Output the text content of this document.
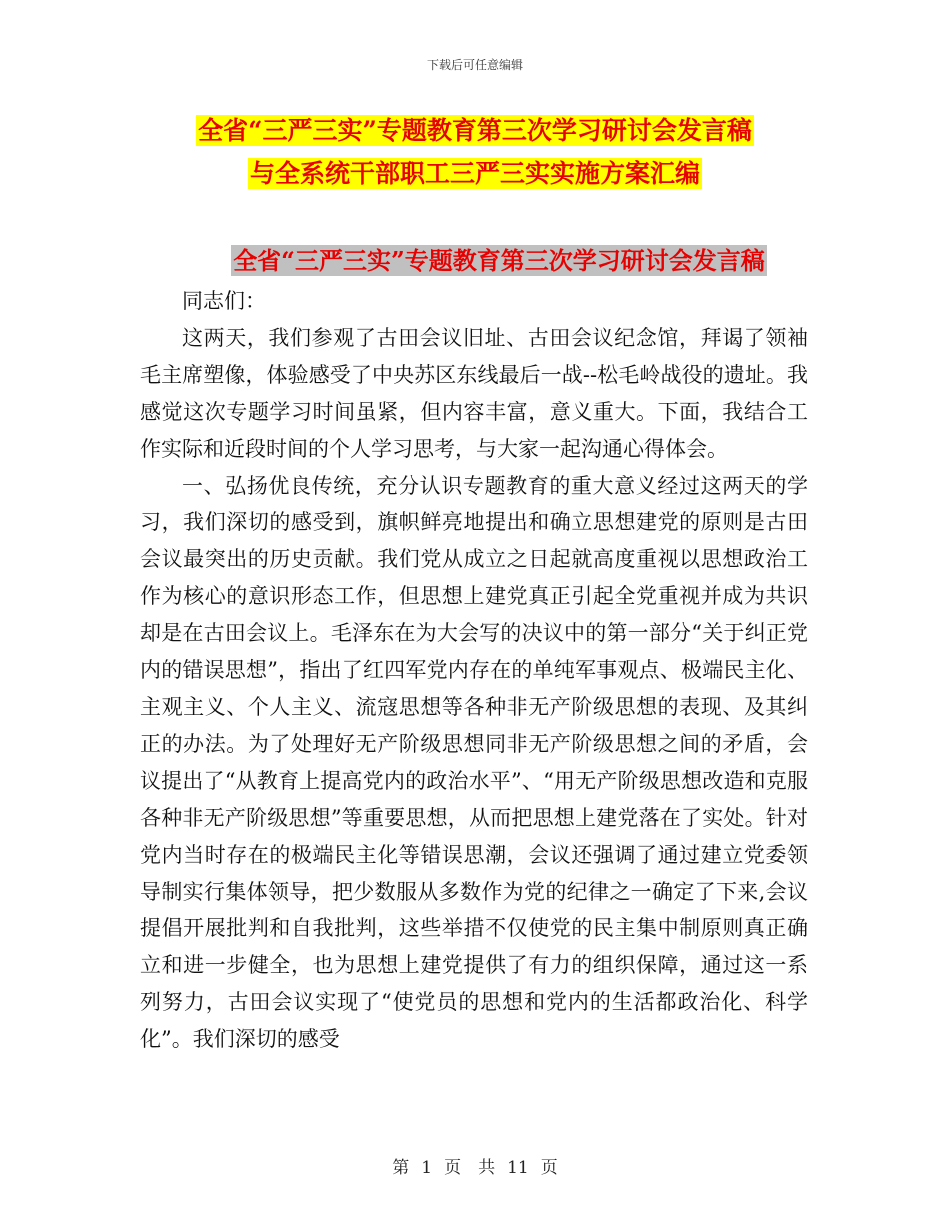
下载后可任意编辑
全省“三严三实”专题教育第三次学习研讨会发言稿
与全系统干部职工三严三实实施方案汇编
全省“三严三实”专题教育第三次学习研讨会发言稿

同志们：

这两天，我们参观了古田会议旧址、古田会议纪念馆，拜谒了领袖毛主席塑像，体验感受了中央苏区东线最后一战--松毛岭战役的遗址。我感觉这次专题学习时间虽紧，但内容丰富，意义重大。下面，我结合工作实际和近段时间的个人学习思考，与大家一起沟通心得体会。

一、弘扬优良传统，充分认识专题教育的重大意义经过这两天的学习，我们深切的感受到，旗帜鲜亮地提出和确立思想建党的原则是古田会议最突出的历史贡献。我们党从成立之日起就高度重视以思想政治工作为核心的意识形态工作，但思想上建党真正引起全党重视并成为共识却是在古田会议上。毛泽东在为大会写的决议中的第一部分“关于纠正党内的错误思想”，指出了红四军党内存在的单纯军事观点、极端民主化、主观主义、个人主义、流寇思想等各种非无产阶级思想的表现、及其纠正的办法。为了处理好无产阶级思想同非无产阶级思想之间的矛盾，会议提出了“从教育上提高党内的政治水平”、“用无产阶级思想改造和克服各种非无产阶级思想”等重要思想，从而把思想上建党落在了实处。针对党内当时存在的极端民主化等错误思潮，会议还强调了通过建立党委领导制实行集体领导，把少数服从多数作为党的纪律之一确定了下来,会议提倡开展批判和自我批判，这些举措不仅使党的民主集中制原则真正确立和进一步健全，也为思想上建党提供了有力的组织保障，通过这一系列努力，古田会议实现了“使党员的思想和党内的生活都政治化、科学化”。我们深切的感受

第 1 页　共 11 页
